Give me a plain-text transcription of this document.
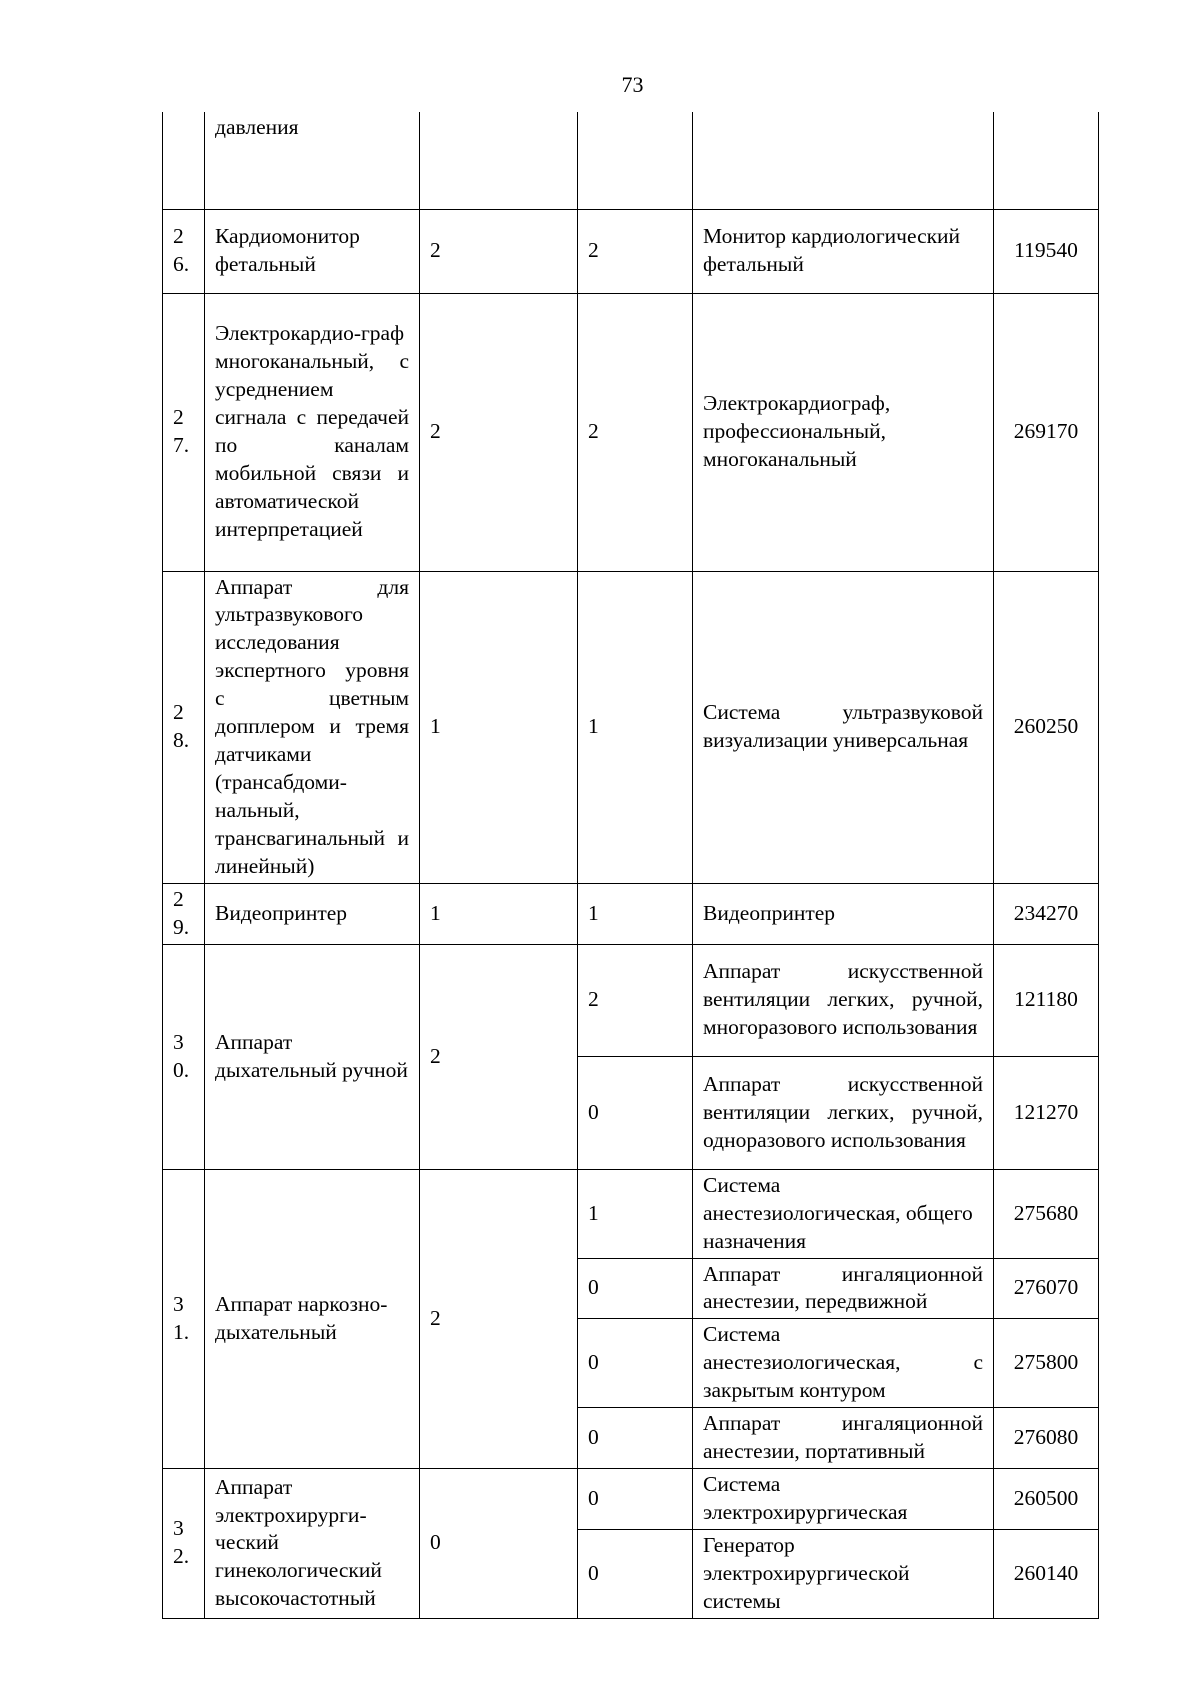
73
	давления				
2
6.	Кардиомонитор фетальный	2	2	Монитор кардиологический фетальный	119540
2
7.	Электрокардио-граф многоканальный, с усреднением сигнала с передачей по каналам мобильной связи и автоматической интерпретацией	2	2	Электрокардиограф, профессиональный, многоканальный	269170
2
8.	Аппарат для ультразвукового исследования экспертного уровня с цветным допплером и тремя датчиками (трансабдоми-нальный, трансвагинальный и линейный)	1	1	Система ультразвуковой визуализации универсальная	260250
2
9.	Видеопринтер	1	1	Видеопринтер	234270
3
0.	Аппарат дыхательный ручной	2	2	Аппарат искусственной вентиляции легких, ручной, многоразового использования	121180
			0	Аппарат искусственной вентиляции легких, ручной, одноразового использования	121270
3
1.	Аппарат наркозно-дыхательный	2	1	Система анестезиологическая, общего назначения	275680
			0	Аппарат ингаляционной анестезии, передвижной	276070
			0	Система анестезиологическая, с закрытым контуром	275800
			0	Аппарат ингаляционной анестезии, портативный	276080
3
2.	Аппарат электрохирурги-ческий гинекологический высокочастотный	0	0	Система электрохирургическая	260500
			0	Генератор электрохирургической системы	260140
